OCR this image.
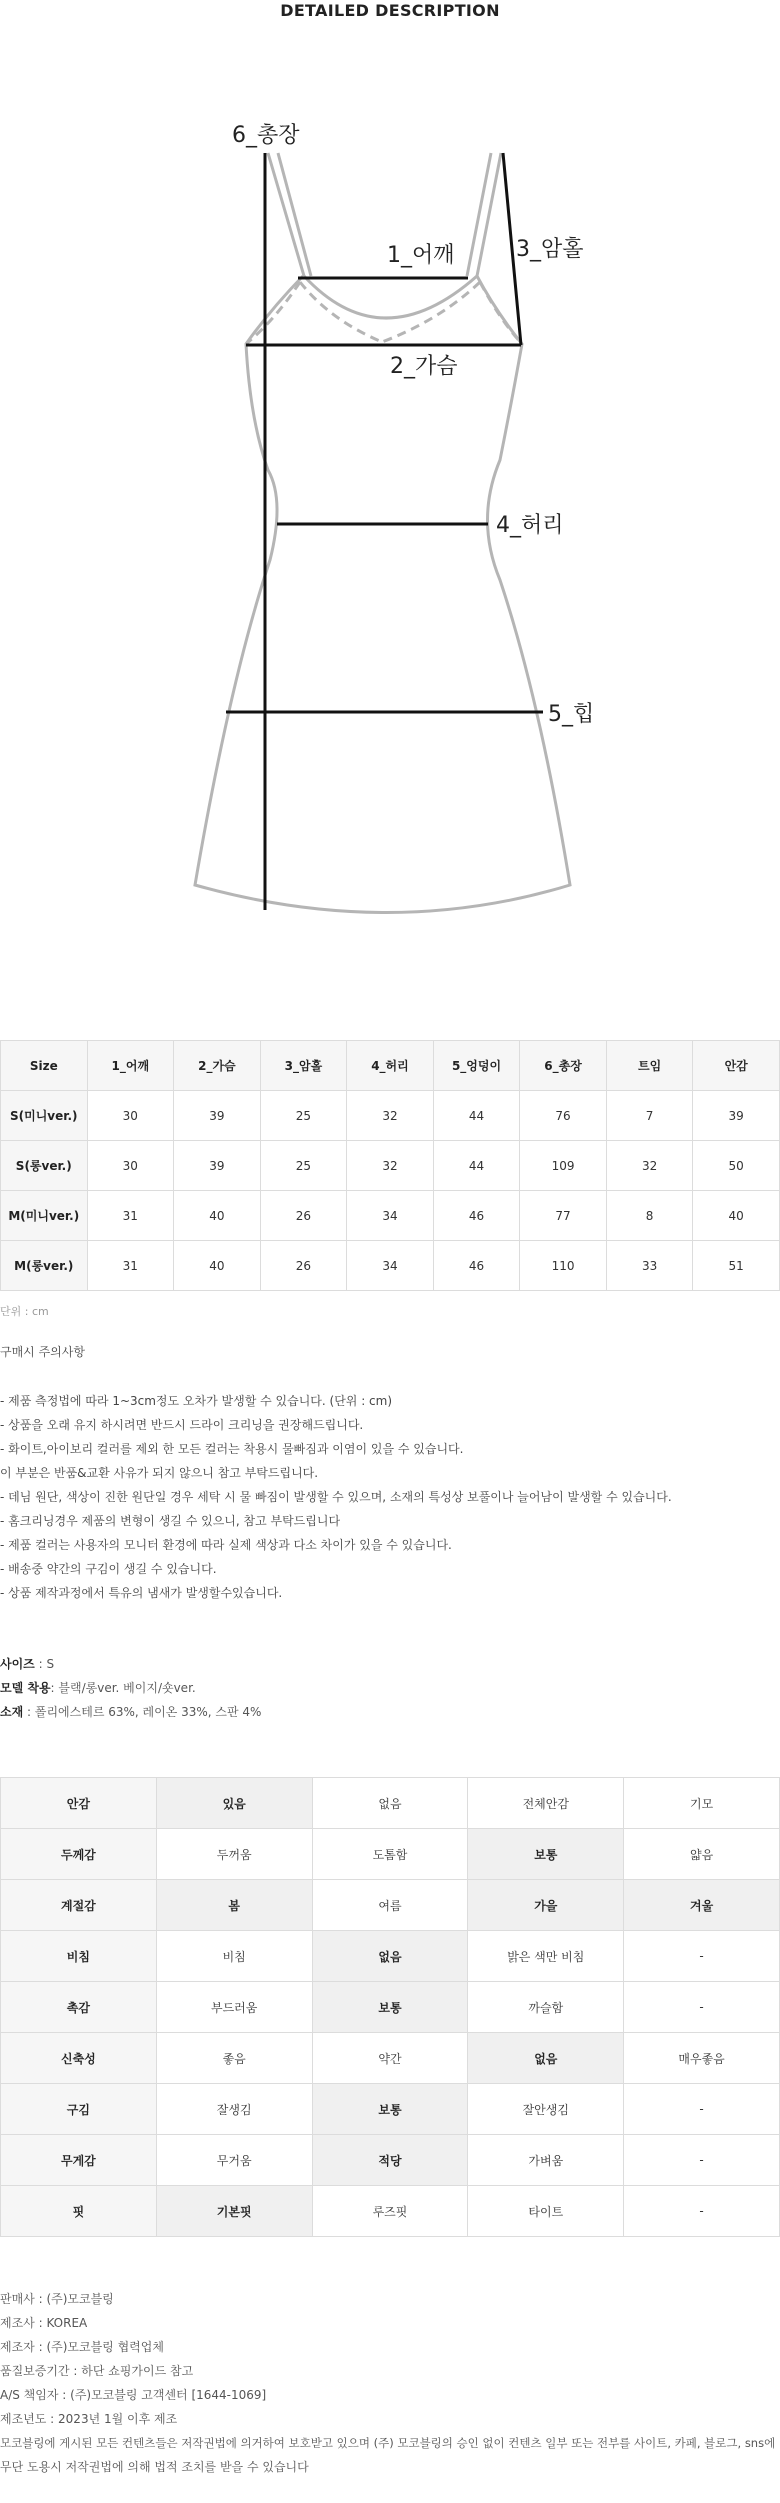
DETAILED DESCRIPTION
6_총장
1_어깨	3_암홀
2_가슴
4_허리
5_힙
Size	1_어깨	2_가슴	3_암홀	4_허리	5_엉덩이	6_총장	트임	안감
S(미니ver.)	30	39	25	32	44	76	7	39
S(롱ver.)	30	39	25	32	44	109	32	50
M(미니ver.)	31	40	26	34	46	77	8	40
M(롱ver.)	31	40	26	34	46	110	33	51
단위 : cm
구매시 주의사항
- 제품 측정법에 따라 1~3cm정도 오차가 발생할 수 있습니다. (단위 : cm)
- 상품을 오래 유지 하시려면 반드시 드라이 크리닝을 권장해드립니다.
- 화이트,아이보리 컬러를 제외 한 모든 컬러는 착용시 물빠짐과 이염이 있을 수 있습니다.
이 부분은 반품&교환 사유가 되지 않으니 참고 부탁드립니다.
- 데님 원단, 색상이 진한 원단일 경우 세탁 시 물 빠짐이 발생할 수 있으며, 소재의 특성상 보풀이나 늘어남이 발생할 수 있습니다.
- 홈크리닝경우 제품의 변형이 생길 수 있으니, 참고 부탁드립니다
- 제품 컬러는 사용자의 모니터 환경에 따라 실제 색상과 다소 차이가 있을 수 있습니다.
- 배송중 약간의 구김이 생길 수 있습니다.
- 상품 제작과정에서 특유의 냄새가 발생할수있습니다.
사이즈 : S
모델 착용: 블랙/롱ver. 베이지/숏ver.
소재 : 폴리에스테르 63%, 레이온 33%, 스판 4%
안감	있음	없음	전체안감	기모
두께감	두꺼움	도톰함	보통	얇음
계절감	봄	여름	가을	겨울
비침	비침	없음	밝은 색만 비침	-
촉감	부드러움	보통	까슬함	-
신축성	좋음	약간	없음	매우좋음
구김	잘생김	보통	잘안생김	-
무게감	무거움	적당	가벼움	-
핏	기본핏	루즈핏	타이트	-
판매사 : (주)모코블링
제조사 : KOREA
제조자 : (주)모코블링 협력업체
품질보증기간 : 하단 쇼핑가이드 참고
A/S 책임자 : (주)모코블링 고객센터 [1644-1069]
제조년도 : 2023년 1월 이후 제조
모코블링에 게시된 모든 컨텐츠들은 저작권법에 의거하여 보호받고 있으며 (주) 모코블링의 승인 없이 컨텐츠 일부 또는 전부를 사이트, 카페, 블로그, sns에
무단 도용시 저작권법에 의해 법적 조치를 받을 수 있습니다
